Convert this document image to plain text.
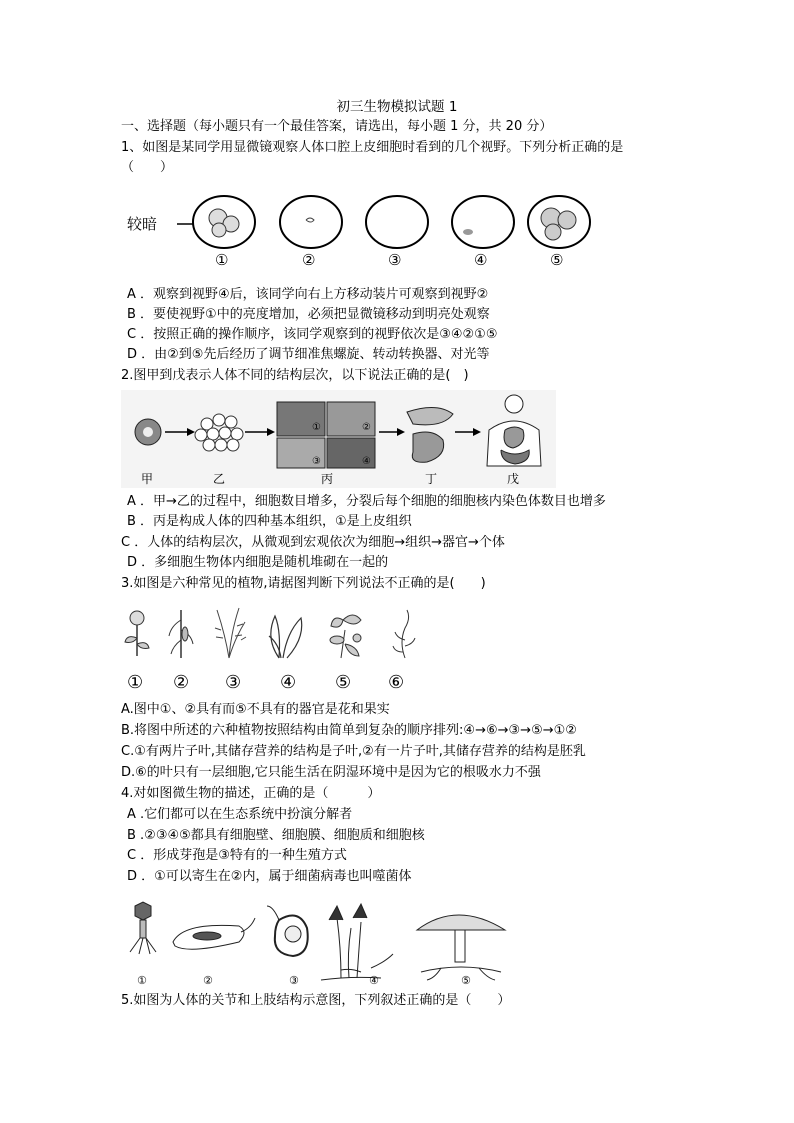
初三生物模拟试题 1
一、选择题（每小题只有一个最佳答案，请选出，每小题 1 分，共 20 分）
1、如图是某同学用显微镜观察人体口腔上皮细胞时看到的几个视野。下列分析正确的是
（　　）
较暗
①	②	③	④	⑤
A ．观察到视野④后，该同学向右上方移动装片可观察到视野②
B ．要使视野①中的亮度增加，必须把显微镜移动到明亮处观察
C ．按照正确的操作顺序，该同学观察到的视野依次是③④②①⑤
D ．由②到⑤先后经历了调节细准焦螺旋、转动转换器、对光等
2.图甲到戊表示人体不同的结构层次，以下说法正确的是(　)
①	②
③	④
甲	乙	丙	丁	戊
A ．甲→乙的过程中，细胞数目增多，分裂后每个细胞的细胞核内染色体数目也增多
B ．丙是构成人体的四种基本组织，①是上皮组织
C ．人体的结构层次，从微观到宏观依次为细胞→组织→器官→个体
D ．多细胞生物体内细胞是随机堆砌在一起的
3.如图是六种常见的植物,请据图判断下列说法不正确的是(　　)
① ② ③ ④ ⑤ ⑥
A.图中①、②具有而⑤不具有的器官是花和果实
B.将图中所述的六种植物按照结构由简单到复杂的顺序排列:④→⑥→③→⑤→①②
C.①有两片子叶,其储存营养的结构是子叶,②有一片子叶,其储存营养的结构是胚乳
D.⑥的叶只有一层细胞,它只能生活在阴湿环境中是因为它的根吸水力不强
4.对如图微生物的描述，正确的是（　　　）
A .它们都可以在生态系统中扮演分解者
B .②③④⑤都具有细胞壁、细胞膜、细胞质和细胞核
C ．形成芽孢是③特有的一种生殖方式
D ．①可以寄生在②内，属于细菌病毒也叫噬菌体
①	②	③	④	⑤
5.如图为人体的关节和上肢结构示意图，下列叙述正确的是（　　）
